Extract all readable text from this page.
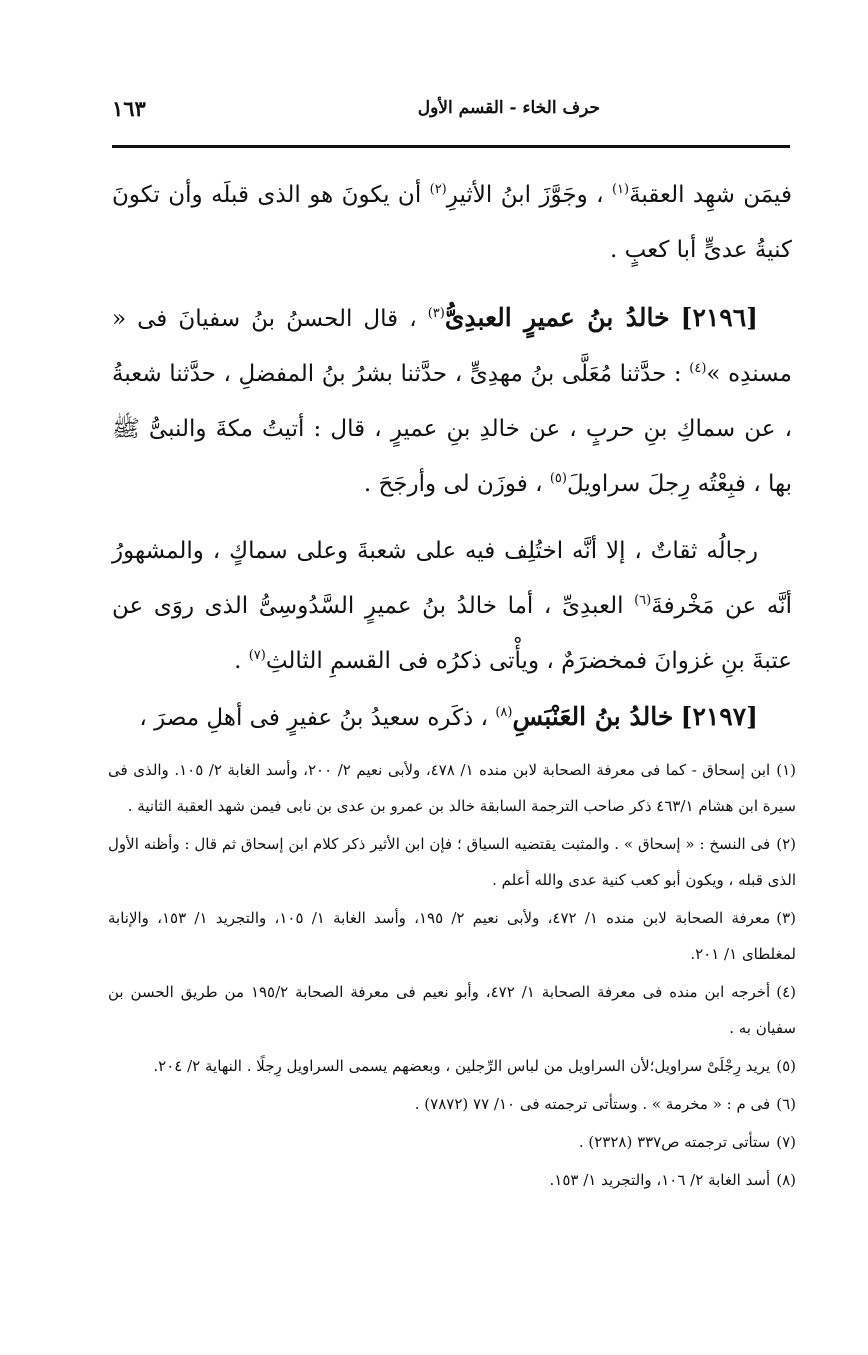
حرف الخاء - القسم الأول
١٦٣

فيمَن شهِد العقبةَ$^{(١)}$ ، وجَوَّزَ ابنُ الأثيرِ$^{(٢)}$ أن يكونَ هو الذى قبلَه وأن تكونَ كنيةُ عدىٍّ أبا كعبٍ .

[٢١٩٦] خالدُ بنُ عميرٍ العبدِىُّ$^{(٣)}$ ، قال الحسنُ بنُ سفيانَ فى « مسندِه »$^{(٤)}$ : حدَّثنا مُعَلَّى بنُ مهدِىٍّ ، حدَّثنا بشرُ بنُ المفضلِ ، حدَّثنا شعبةُ ، عن سماكِ بنِ حربٍ ، عن خالدِ بنِ عميرٍ ، قال : أتيتُ مكةَ والنبىُّ ﷺ بها ، فبِعْتُه رِجلَ سراويلَ$^{(٥)}$ ، فوزَن لى وأرجَحَ .

رجالُه ثقاتٌ ، إلا أنَّه اختُلِف فيه على شعبةَ وعلى سماكٍ ، والمشهورُ أنَّه عن مَخْرفةَ$^{(٦)}$ العبدِىِّ ، أما خالدُ بنُ عميرٍ السَّدُوسِىُّ الذى روَى عن عتبةَ بنِ غزوانَ فمخضرَمٌ ، ويأْتى ذكرُه فى القسمِ الثالثِ$^{(٧)}$ .

[٢١٩٧] خالدُ بنُ العَنْبَسِ$^{(٨)}$ ، ذكَره سعيدُ بنُ عفيرٍ فى أهلِ مصرَ ،

(١)ابن إسحاق - كما فى معرفة الصحابة لابن منده ١/ ٤٧٨، ولأبى نعيم ٢/ ٢٠٠، وأسد الغابة ٢/ ١٠٥. والذى فى سيرة ابن هشام ٤٦٣/١ ذكر صاحب الترجمة السابقة خالد بن عمرو بن عدى بن نابى فيمن شهد العقبة الثانية .

(٢)فى النسخ : « إسحاق » . والمثبت يقتضيه السياق ؛ فإن ابن الأثير ذكر كلام ابن إسحاق ثم قال : وأظنه الأول الذى قبله ، ويكون أبو كعب كنية عدى والله أعلم .

(٣)معرفة الصحابة لابن منده ١/ ٤٧٢، ولأبى نعيم ٢/ ١٩٥، وأسد الغابة ١/ ١٠٥، والتجريد ١/ ١٥٣، والإنابة لمغلطاى ١/ ٢٠١.

(٤)أخرجه ابن منده فى معرفة الصحابة ١/ ٤٧٢، وأبو نعيم فى معرفة الصحابة ١٩٥/٢ من طريق الحسن بن سفيان به .

(٥)يريد رِجْلَىْ سراويل؛لأن السراويل من لباس الرِّجلين ، وبعضهم يسمى السراويل رِجلًا . النهاية ٢/ ٢٠٤.

(٦)فى م : « مخرمة » . وستأتى ترجمته فى ١٠/ ٧٧ (٧٨٧٢) .

(٧)ستأتى ترجمته ص٣٣٧ (٢٣٢٨) .

(٨)أسد الغابة ٢/ ١٠٦، والتجريد ١/ ١٥٣.
